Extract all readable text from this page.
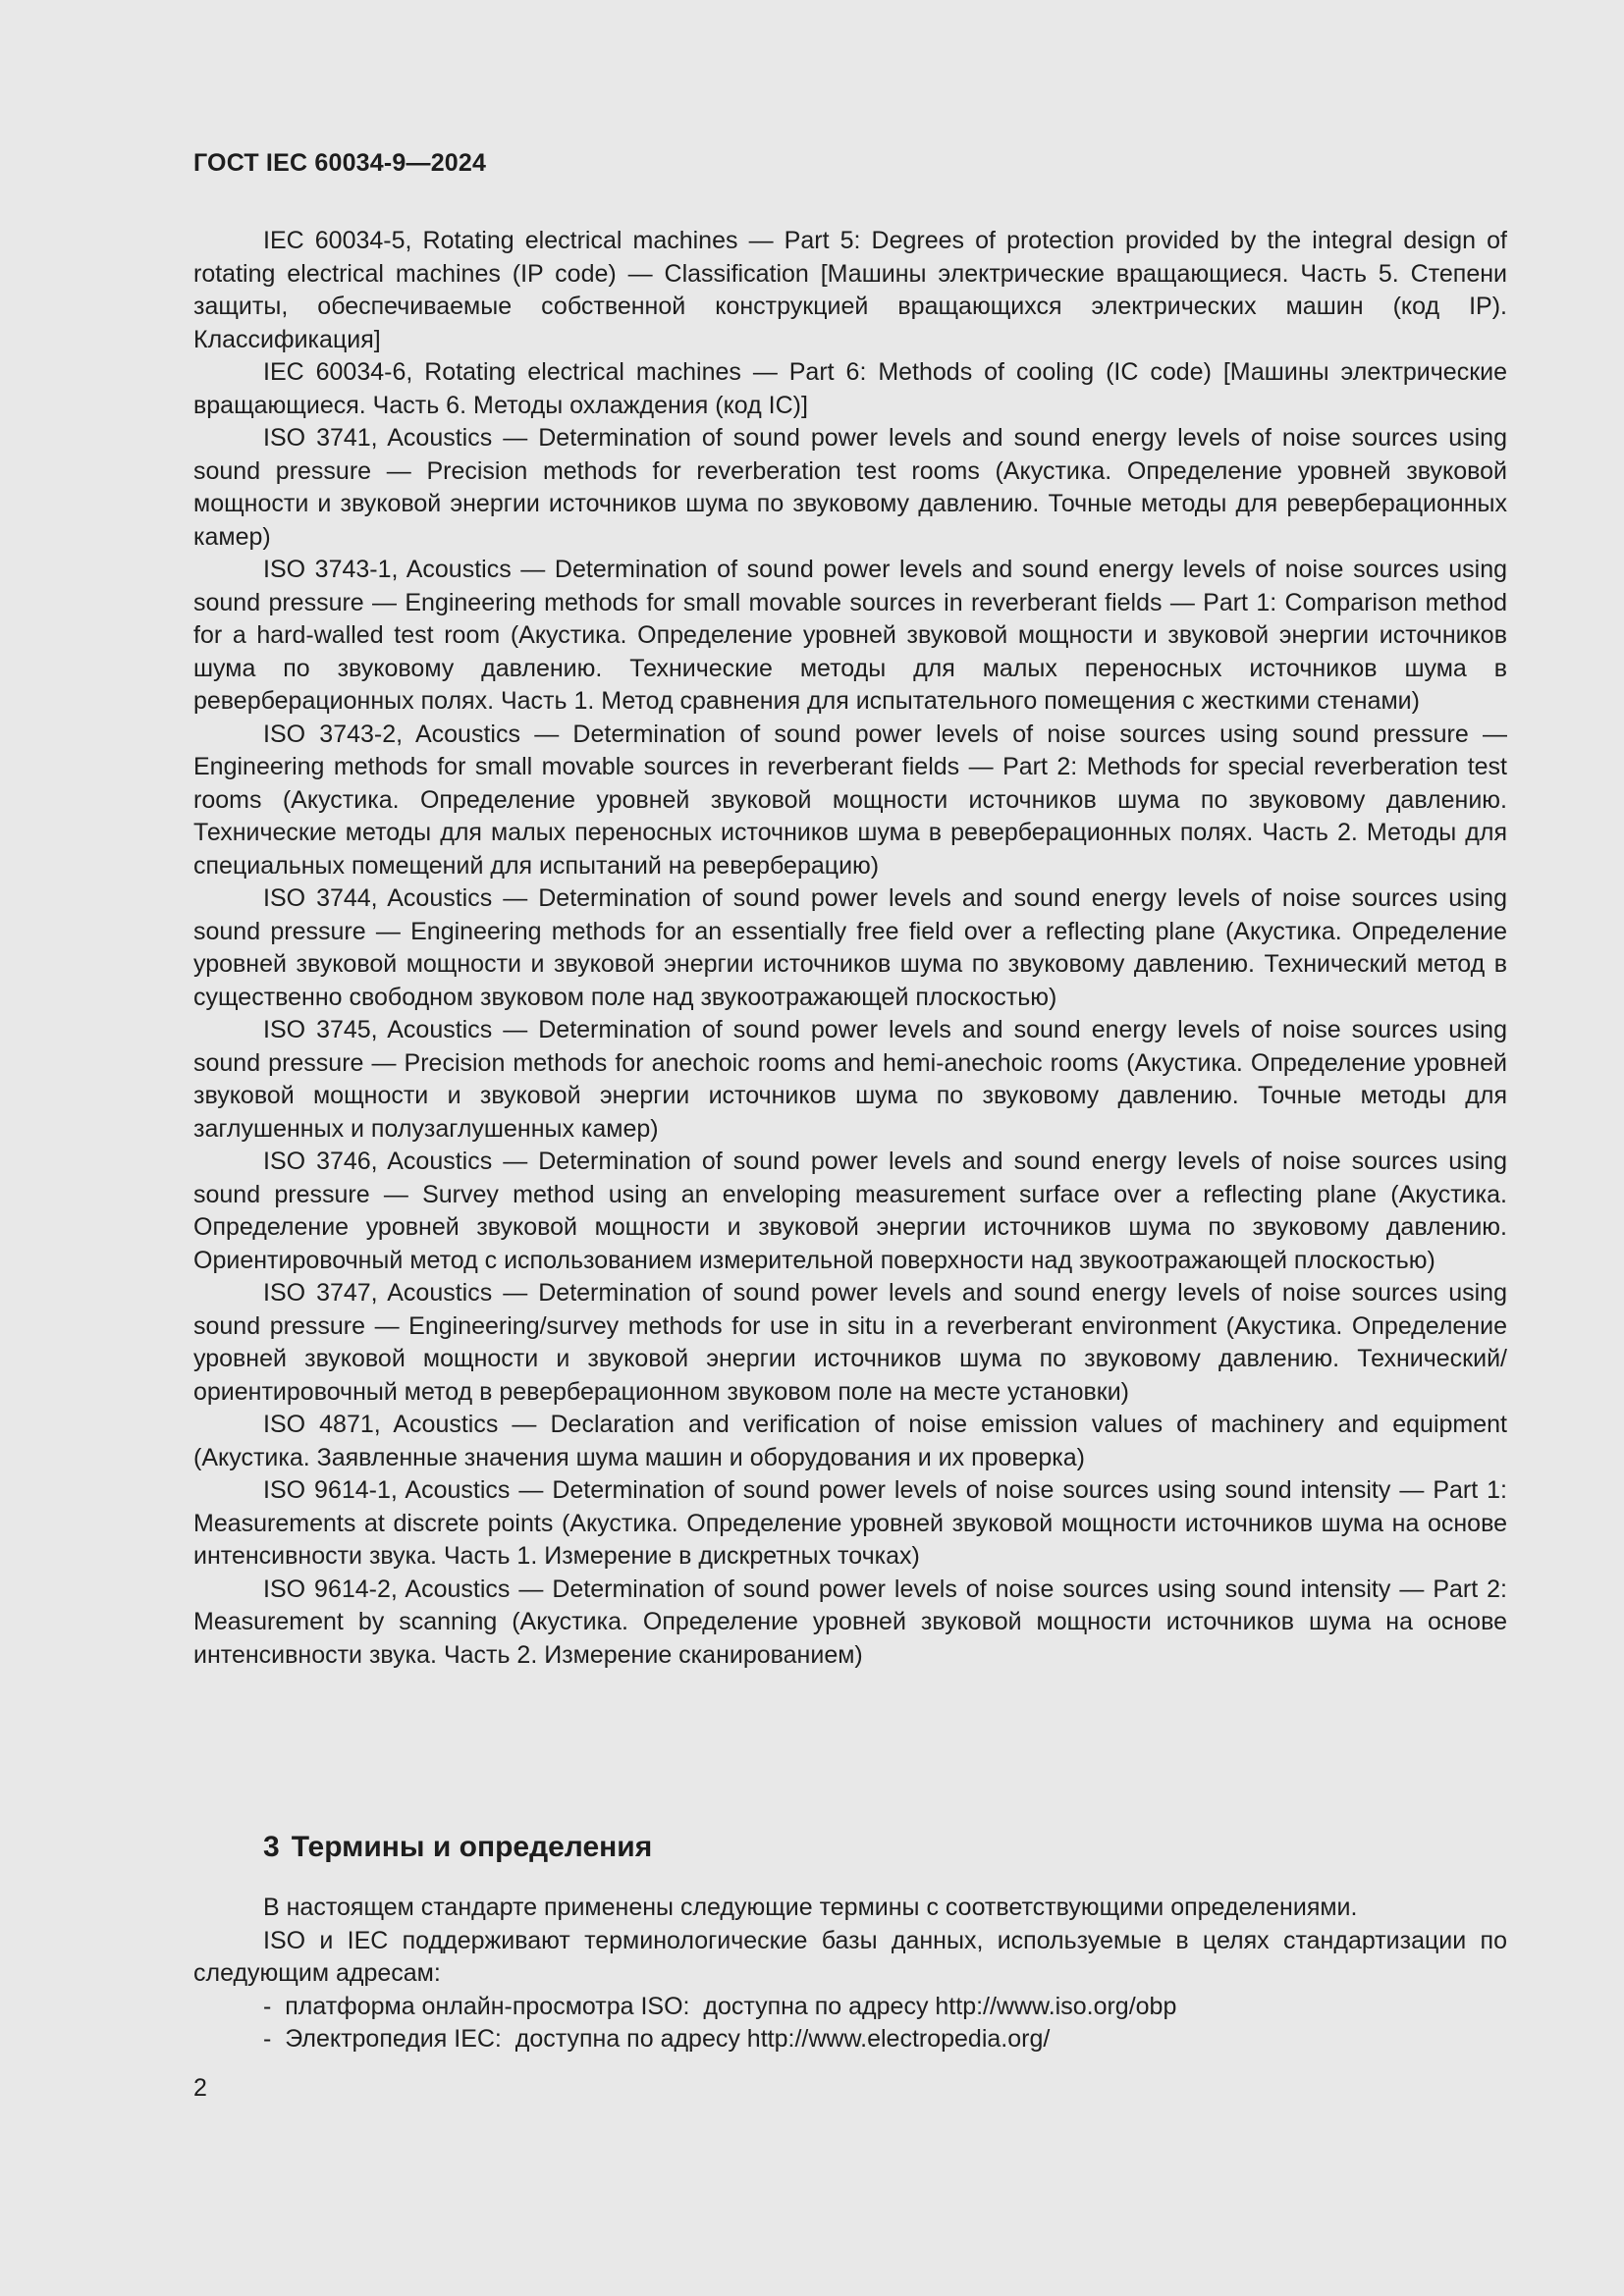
ГОСТ IEC 60034-9—2024

IEC 60034-5, Rotating electrical machines — Part 5: Degrees of protection provided by the integral design of rotating electrical machines (IP code) — Classification [Машины электрические вращающиеся. Часть 5. Степени защиты, обеспечиваемые собственной конструкцией вращающихся электрических машин (код IP). Классификация]

IEC 60034-6, Rotating electrical machines — Part 6: Methods of cooling (IC code) [Машины электрические вращающиеся. Часть 6. Методы охлаждения (код IC)]

ISO 3741, Acoustics — Determination of sound power levels and sound energy levels of noise sources using sound pressure — Precision methods for reverberation test rooms (Акустика. Определение уровней звуковой мощности и звуковой энергии источников шума по звуковому давлению. Точные методы для реверберационных камер)

ISO 3743-1, Acoustics — Determination of sound power levels and sound energy levels of noise sources using sound pressure — Engineering methods for small movable sources in reverberant fields — Part 1: Comparison method for a hard-walled test room (Акустика. Определение уровней звуковой мощности и звуковой энергии источников шума по звуковому давлению. Технические методы для малых переносных источников шума в реверберационных полях. Часть 1. Метод сравнения для испытательного помещения с жесткими стенами)

ISO 3743-2, Acoustics — Determination of sound power levels of noise sources using sound pressure — Engineering methods for small movable sources in reverberant fields — Part 2: Methods for special reverberation test rooms (Акустика. Определение уровней звуковой мощности источников шума по звуковому давлению. Технические методы для малых переносных источников шума в реверберационных полях. Часть 2. Методы для специальных помещений для испытаний на реверберацию)

ISO 3744, Acoustics — Determination of sound power levels and sound energy levels of noise sources using sound pressure — Engineering methods for an essentially free field over a reflecting plane (Акустика. Определение уровней звуковой мощности и звуковой энергии источников шума по звуковому давлению. Технический метод в существенно свободном звуковом поле над звукоотражающей плоскостью)

ISO 3745, Acoustics — Determination of sound power levels and sound energy levels of noise sources using sound pressure — Precision methods for anechoic rooms and hemi-anechoic rooms (Акустика. Определение уровней звуковой мощности и звуковой энергии источников шума по звуковому давлению. Точные методы для заглушенных и полузаглушенных камер)

ISO 3746, Acoustics — Determination of sound power levels and sound energy levels of noise sources using sound pressure — Survey method using an enveloping measurement surface over a reflecting plane (Акустика. Определение уровней звуковой мощности и звуковой энергии источников шума по звуковому давлению. Ориентировочный метод с использованием измерительной поверхности над звукоотражающей плоскостью)

ISO 3747, Acoustics — Determination of sound power levels and sound energy levels of noise sources using sound pressure — Engineering/survey methods for use in situ in a reverberant environment (Акустика. Определение уровней звуковой мощности и звуковой энергии источников шума по звуковому давлению. Технический/ориентировочный метод в реверберационном звуковом поле на месте установки)

ISO 4871, Acoustics — Declaration and verification of noise emission values of machinery and equipment (Акустика. Заявленные значения шума машин и оборудования и их проверка)

ISO 9614-1, Acoustics — Determination of sound power levels of noise sources using sound intensity — Part 1: Measurements at discrete points (Акустика. Определение уровней звуковой мощности источников шума на основе интенсивности звука. Часть 1. Измерение в дискретных точках)

ISO 9614-2, Acoustics — Determination of sound power levels of noise sources using sound intensity — Part 2: Measurement by scanning (Акустика. Определение уровней звуковой мощности источников шума на основе интенсивности звука. Часть 2. Измерение сканированием)

3 Термины и определения

В настоящем стандарте применены следующие термины с соответствующими определениями.

ISO и IEC поддерживают терминологические базы данных, используемые в целях стандартизации по следующим адресам:

-  платформа онлайн-просмотра ISO:  доступна по адресу http://www.iso.org/obp
-  Электропедия IEC:  доступна по адресу http://www.electropedia.org/
2
